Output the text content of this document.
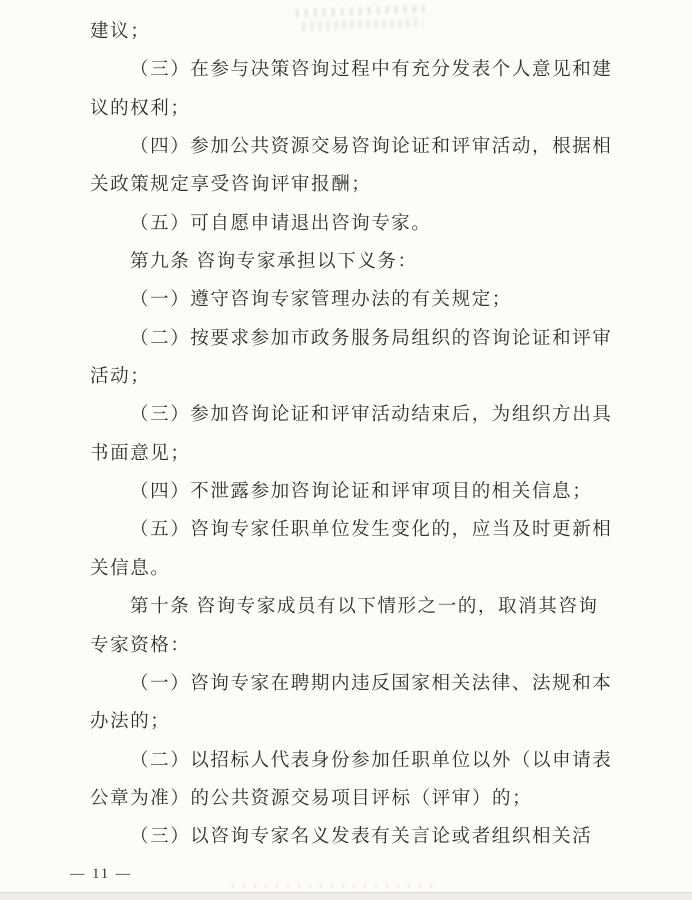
建议；
（三）在参与决策咨询过程中有充分发表个人意见和建
议的权利；
（四）参加公共资源交易咨询论证和评审活动，根据相
关政策规定享受咨询评审报酬；
（五）可自愿申请退出咨询专家。
第九条 咨询专家承担以下义务：
（一）遵守咨询专家管理办法的有关规定；
（二）按要求参加市政务服务局组织的咨询论证和评审
活动；
（三）参加咨询论证和评审活动结束后，为组织方出具
书面意见；
（四）不泄露参加咨询论证和评审项目的相关信息；
（五）咨询专家任职单位发生变化的，应当及时更新相
关信息。
第十条 咨询专家成员有以下情形之一的，取消其咨询
专家资格：
（一）咨询专家在聘期内违反国家相关法律、法规和本
办法的；
（二）以招标人代表身份参加任职单位以外（以申请表
公章为准）的公共资源交易项目评标（评审）的；
（三）以咨询专家名义发表有关言论或者组织相关活
— 11 —
